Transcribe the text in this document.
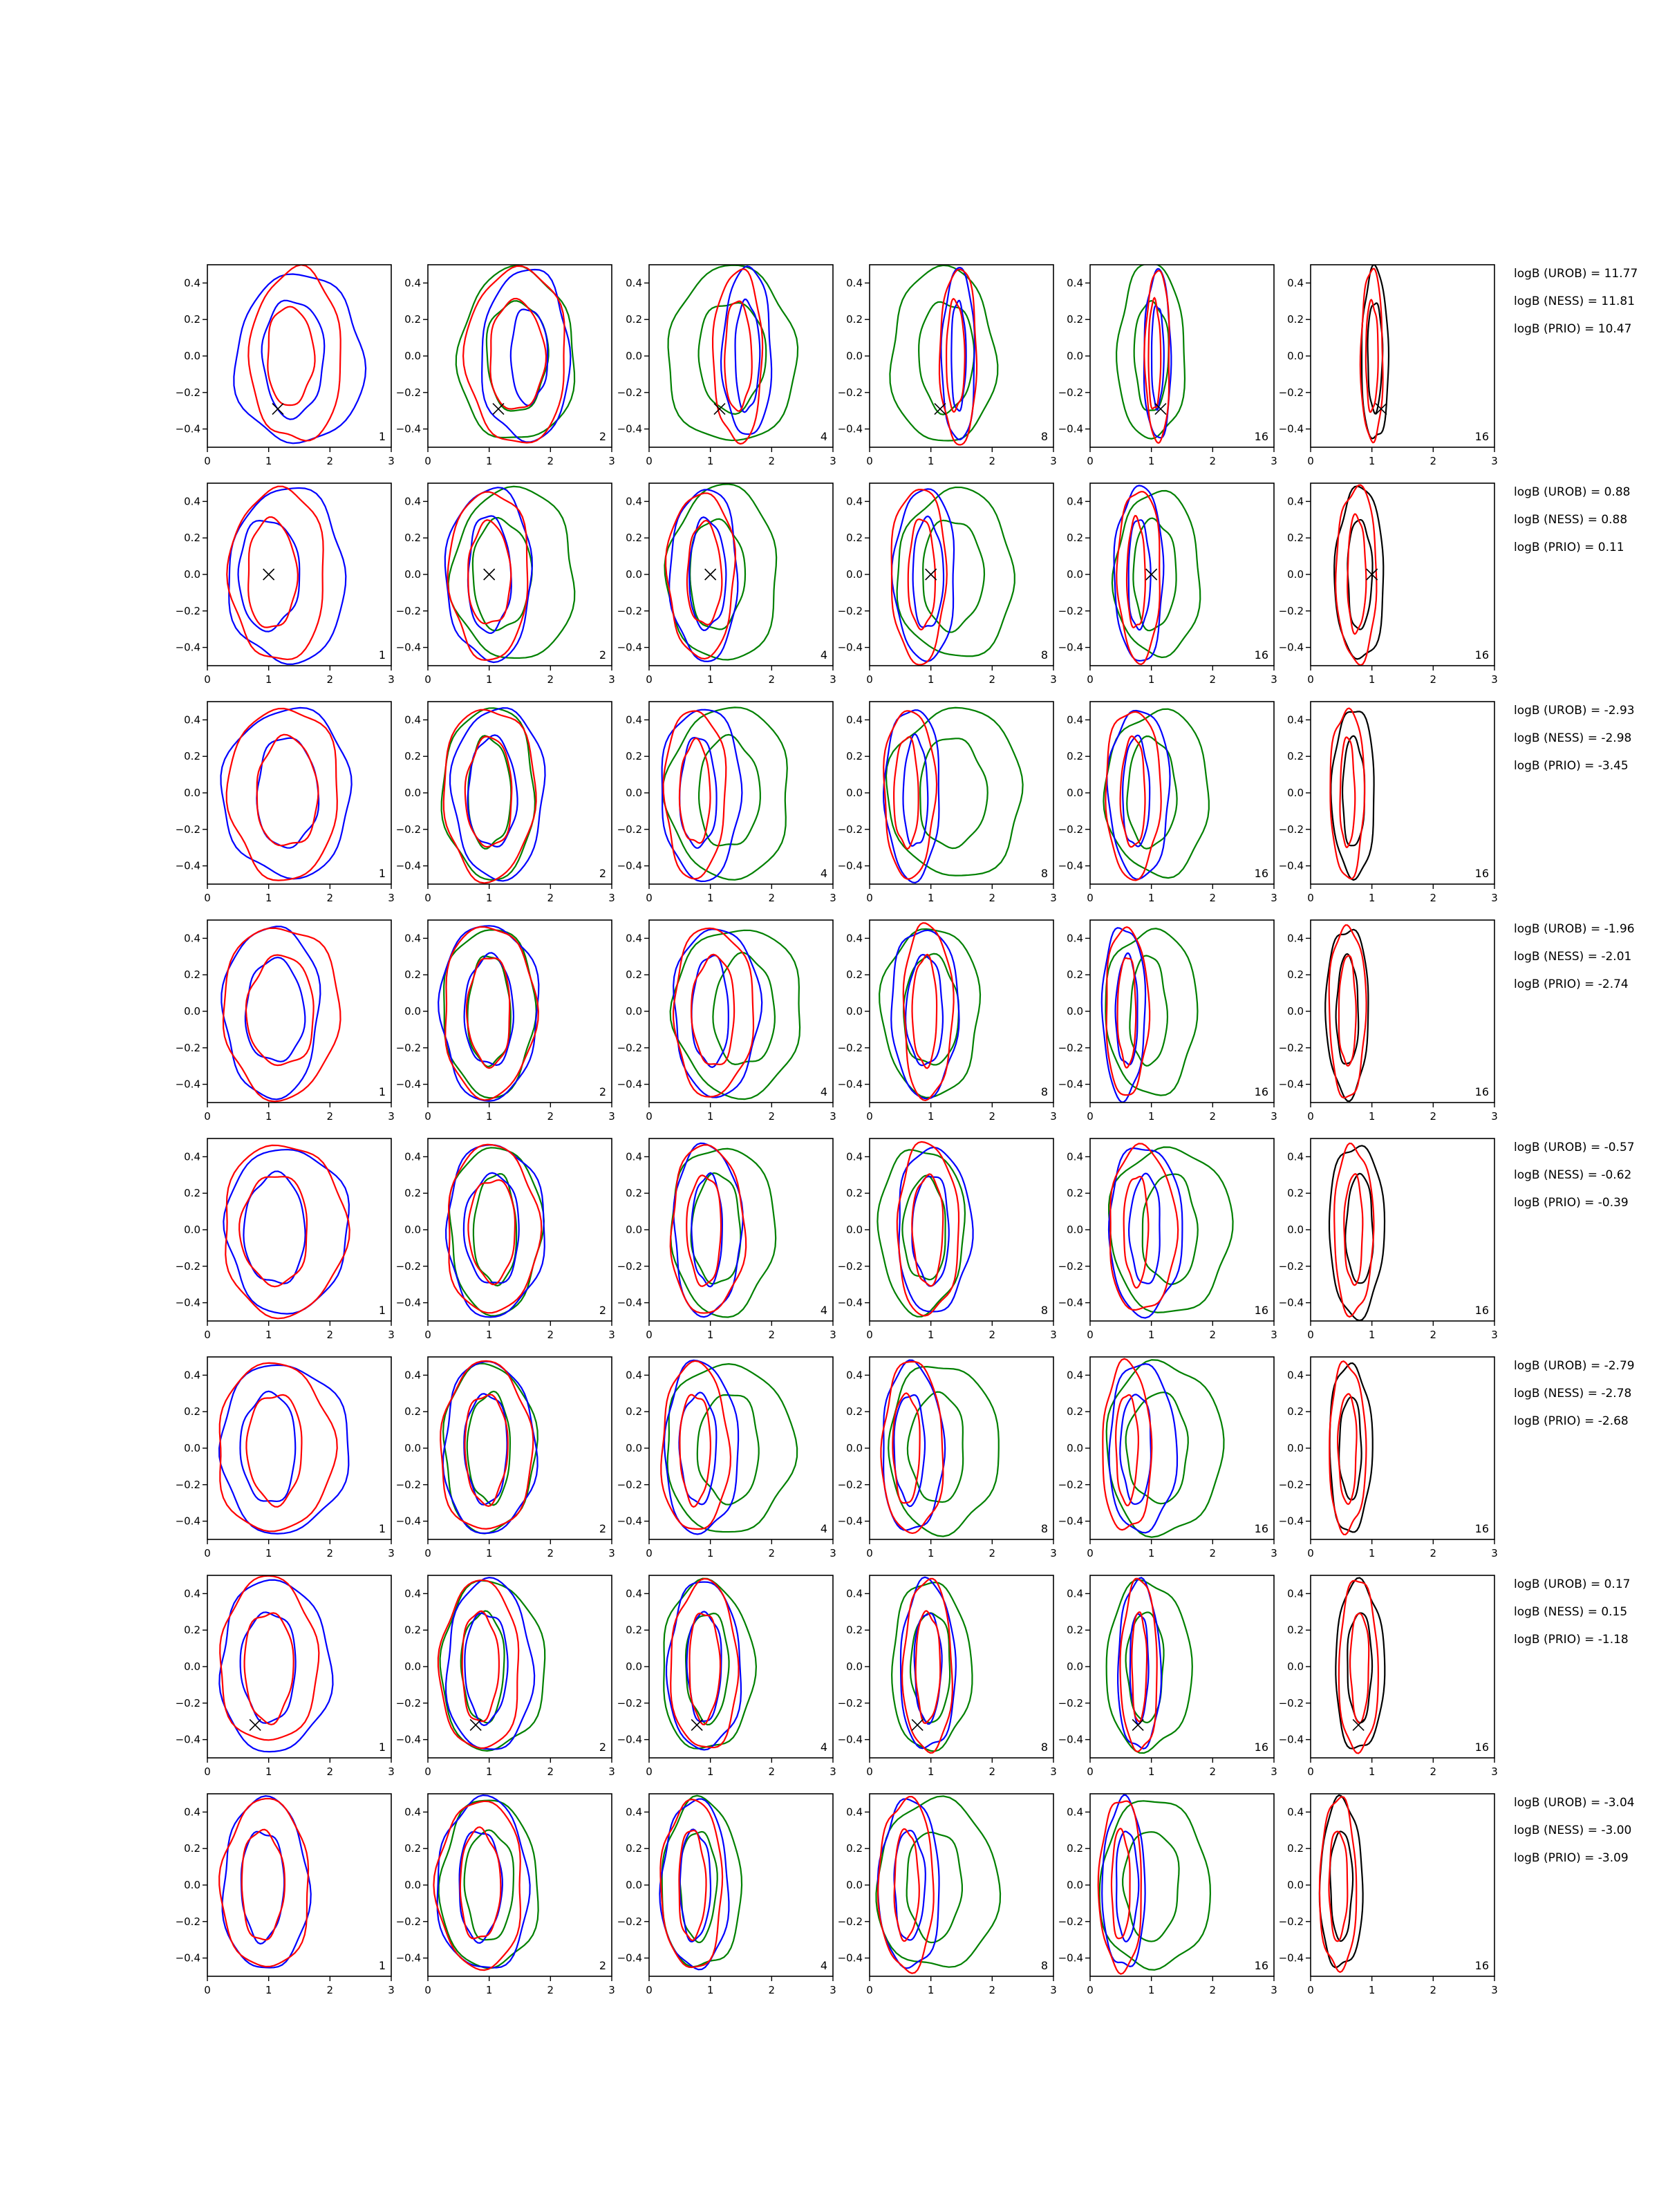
0.4
0.2
0.0
−0.2
−0.4
0	1	2	3
1
0.4
0.2
0.0
−0.2
−0.4
0	1	2	3
2
0.4
0.2
0.0
−0.2
−0.4
0	1	2	3
4
0.4
0.2
0.0
−0.2
−0.4
0	1	2	3
8
0.4
0.2
0.0
−0.2
−0.4
0	1	2	3
16
0.4
0.2
0.0
−0.2
−0.4
0	1	2	3
16
0.4
0.2
0.0
−0.2
−0.4
0	1	2	3
1
0.4
0.2
0.0
−0.2
−0.4
0	1	2	3
2
0.4
0.2
0.0
−0.2
−0.4
0	1	2	3
4
0.4
0.2
0.0
−0.2
−0.4
0	1	2	3
8
0.4
0.2
0.0
−0.2
−0.4
0	1	2	3
16
0.4
0.2
0.0
−0.2
−0.4
0	1	2	3
16
0.4
0.2
0.0
−0.2
−0.4
0	1	2	3
1
0.4
0.2
0.0
−0.2
−0.4
0	1	2	3
2
0.4
0.2
0.0
−0.2
−0.4
0	1	2	3
4
0.4
0.2
0.0
−0.2
−0.4
0	1	2	3
8
0.4
0.2
0.0
−0.2
−0.4
0	1	2	3
16
0.4
0.2
0.0
−0.2
−0.4
0	1	2	3
16
0.4
0.2
0.0
−0.2
−0.4
0	1	2	3
1
0.4
0.2
0.0
−0.2
−0.4
0	1	2	3
2
0.4
0.2
0.0
−0.2
−0.4
0	1	2	3
4
0.4
0.2
0.0
−0.2
−0.4
0	1	2	3
8
0.4
0.2
0.0
−0.2
−0.4
0	1	2	3
16
0.4
0.2
0.0
−0.2
−0.4
0	1	2	3
16
0.4
0.2
0.0
−0.2
−0.4
0	1	2	3
1
0.4
0.2
0.0
−0.2
−0.4
0	1	2	3
2
0.4
0.2
0.0
−0.2
−0.4
0	1	2	3
4
0.4
0.2
0.0
−0.2
−0.4
0	1	2	3
8
0.4
0.2
0.0
−0.2
−0.4
0	1	2	3
16
0.4
0.2
0.0
−0.2
−0.4
0	1	2	3
16
0.4
0.2
0.0
−0.2
−0.4
0	1	2	3
1
0.4
0.2
0.0
−0.2
−0.4
0	1	2	3
2
0.4
0.2
0.0
−0.2
−0.4
0	1	2	3
4
0.4
0.2
0.0
−0.2
−0.4
0	1	2	3
8
0.4
0.2
0.0
−0.2
−0.4
0	1	2	3
16
0.4
0.2
0.0
−0.2
−0.4
0	1	2	3
16
0.4
0.2
0.0
−0.2
−0.4
0	1	2	3
1
0.4
0.2
0.0
−0.2
−0.4
0	1	2	3
2
0.4
0.2
0.0
−0.2
−0.4
0	1	2	3
4
0.4
0.2
0.0
−0.2
−0.4
0	1	2	3
8
0.4
0.2
0.0
−0.2
−0.4
0	1	2	3
16
0.4
0.2
0.0
−0.2
−0.4
0	1	2	3
16
0.4
0.2
0.0
−0.2
−0.4
0	1	2	3
1
0.4
0.2
0.0
−0.2
−0.4
0	1	2	3
2
0.4
0.2
0.0
−0.2
−0.4
0	1	2	3
4
0.4
0.2
0.0
−0.2
−0.4
0	1	2	3
8
0.4
0.2
0.0
−0.2
−0.4
0	1	2	3
16
0.4
0.2
0.0
−0.2
−0.4
0	1	2	3
16
logB (UROB) = 11.77
logB (NESS) = 11.81
logB (PRIO) = 10.47
logB (UROB) = 0.88
logB (NESS) = 0.88
logB (PRIO) = 0.11
logB (UROB) = -2.93
logB (NESS) = -2.98
logB (PRIO) = -3.45
logB (UROB) = -1.96
logB (NESS) = -2.01
logB (PRIO) = -2.74
logB (UROB) = -0.57
logB (NESS) = -0.62
logB (PRIO) = -0.39
logB (UROB) = -2.79
logB (NESS) = -2.78
logB (PRIO) = -2.68
logB (UROB) = 0.17
logB (NESS) = 0.15
logB (PRIO) = -1.18
logB (UROB) = -3.04
logB (NESS) = -3.00
logB (PRIO) = -3.09
